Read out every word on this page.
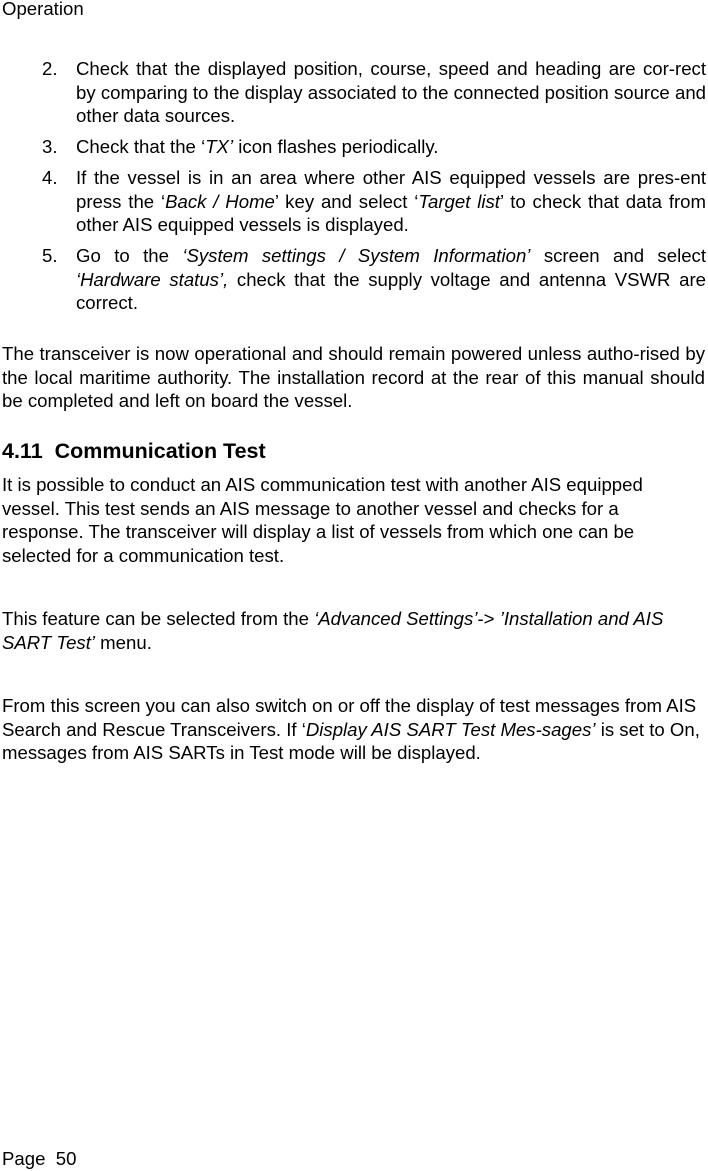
Operation
2. Check that the displayed position, course, speed and heading are cor-rect by comparing to the display associated to the connected position source and other data sources.
3. Check that the ‘TX’ icon flashes periodically.
4. If the vessel is in an area where other AIS equipped vessels are pres-ent press the ‘Back / Home’ key and select ‘Target list’ to check that data from other AIS equipped vessels is displayed.
5. Go to the ‘System settings / System Information’ screen and select ‘Hardware status’, check that the supply voltage and antenna VSWR are correct.

The transceiver is now operational and should remain powered unless autho-rised by the local maritime authority. The installation record at the rear of this manual should be completed and left on board the vessel.

4.11 Communication Test

It is possible to conduct an AIS communication test with another AIS equipped vessel. This test sends an AIS message to another vessel and checks for a response. The transceiver will display a list of vessels from which one can be selected for a communication test.

This feature can be selected from the ‘Advanced Settings’-> ’Installation and AIS SART Test’ menu.

From this screen you can also switch on or off the display of test messages from AIS Search and Rescue Transceivers. If ‘Display AIS SART Test Mes-sages’ is set to On, messages from AIS SARTs in Test mode will be displayed.

Page 50
